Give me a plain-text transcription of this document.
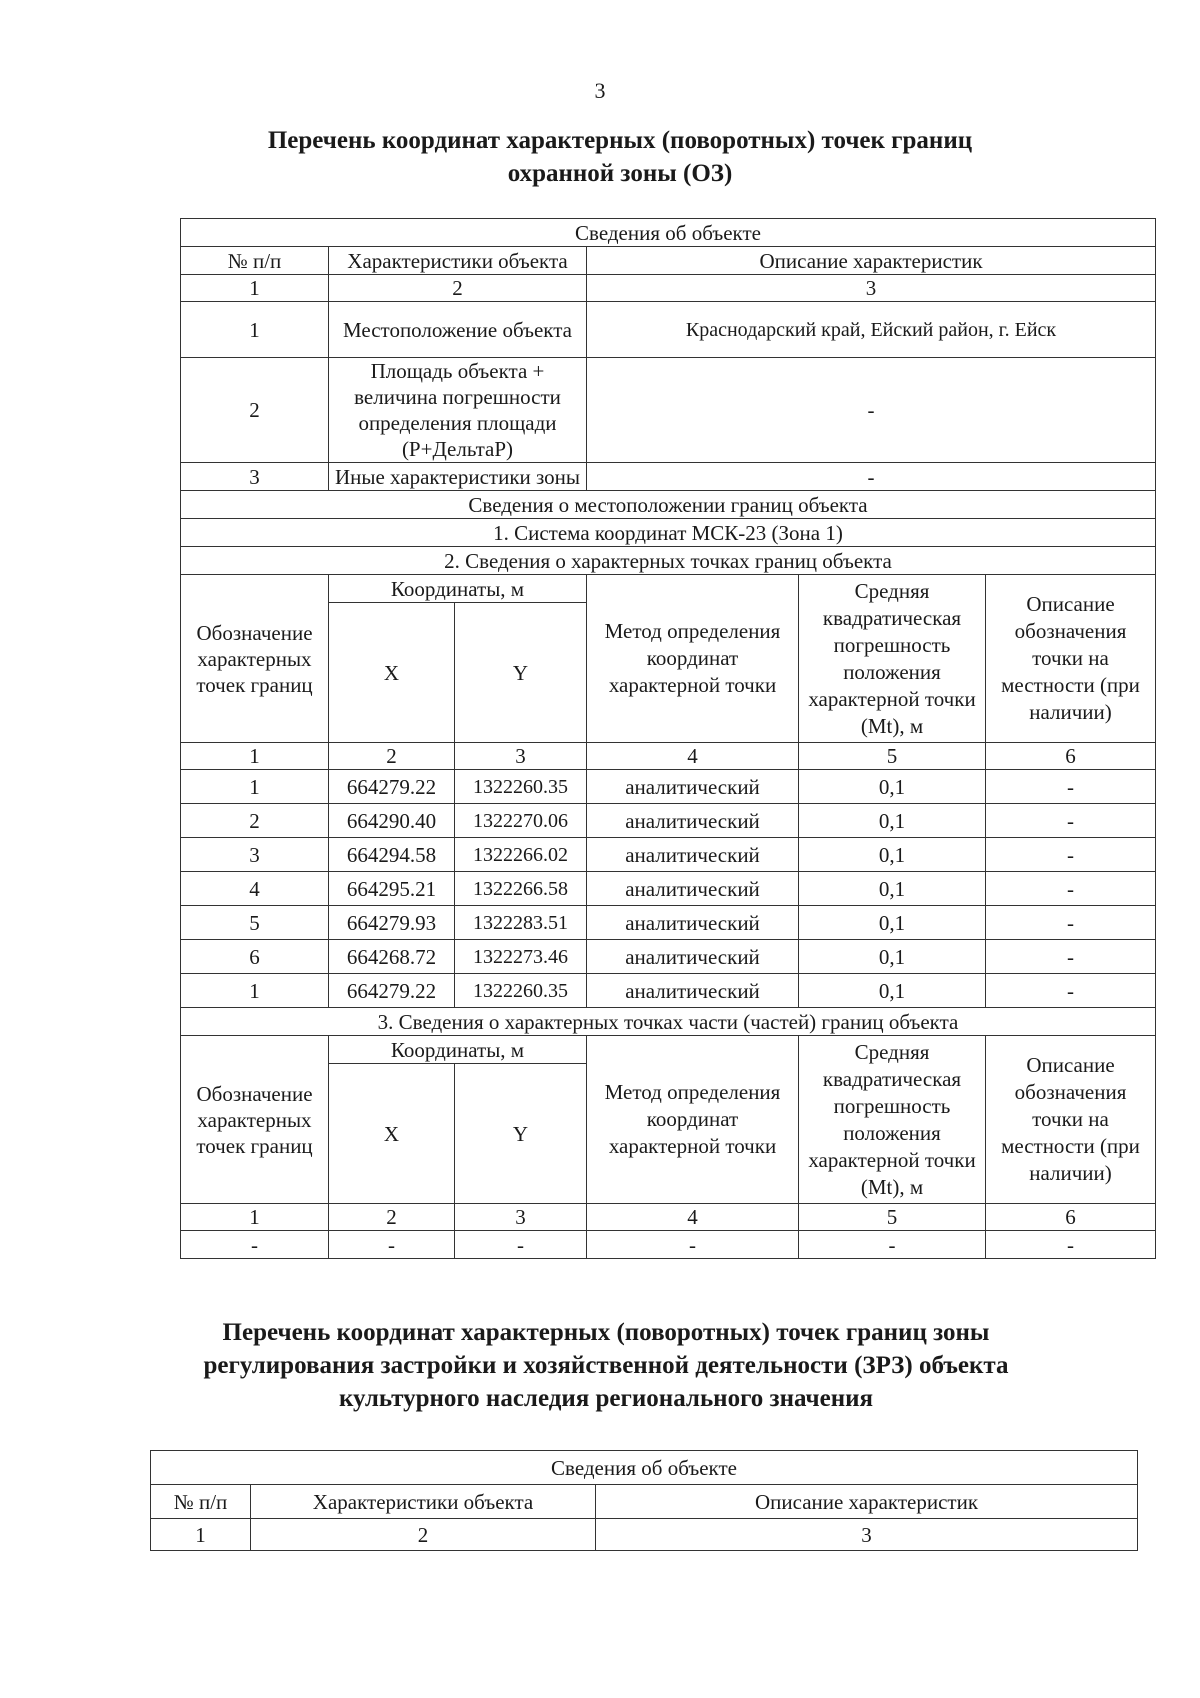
3
Перечень координат характерных (поворотных) точек границ охранной зоны (ОЗ)
Сведения об объекте					
№ п/п	Характеристики объекта		Описание характеристик		
1	2		3		
1	Местоположение объекта		Краснодарский край, Ейский район, г. Ейск		
2	Площадь объекта + величина погрешности определения площади (P+ДельтаP)		-		
3	Иные характеристики зоны		-		
Сведения о местоположении границ объекта					
1. Система координат МСК-23 (Зона 1)					
2. Сведения о характерных точках границ объекта					
Обозначение характерных точек границ	Координаты, м		Метод определения координат характерной точки	Средняя квадратическая погрешность положения характерной точки (Mt), м	Описание обозначения точки на местности (при наличии)
	X	Y			
1	2	3	4	5	6
1	664279.22	1322260.35	аналитический	0,1	-
2	664290.40	1322270.06	аналитический	0,1	-
3	664294.58	1322266.02	аналитический	0,1	-
4	664295.21	1322266.58	аналитический	0,1	-
5	664279.93	1322283.51	аналитический	0,1	-
6	664268.72	1322273.46	аналитический	0,1	-
1	664279.22	1322260.35	аналитический	0,1	-
3. Сведения о характерных точках части (частей) границ объекта					
Обозначение характерных точек границ	Координаты, м		Метод определения координат характерной точки	Средняя квадратическая погрешность положения характерной точки (Mt), м	Описание обозначения точки на местности (при наличии)
	X	Y			
1	2	3	4	5	6
-	-	-	-	-	-
Перечень координат характерных (поворотных) точек границ зоны регулирования застройки и хозяйственной деятельности (ЗРЗ) объекта культурного наследия регионального значения
Сведения об объекте		
№ п/п	Характеристики объекта	Описание характеристик
1	2	3
